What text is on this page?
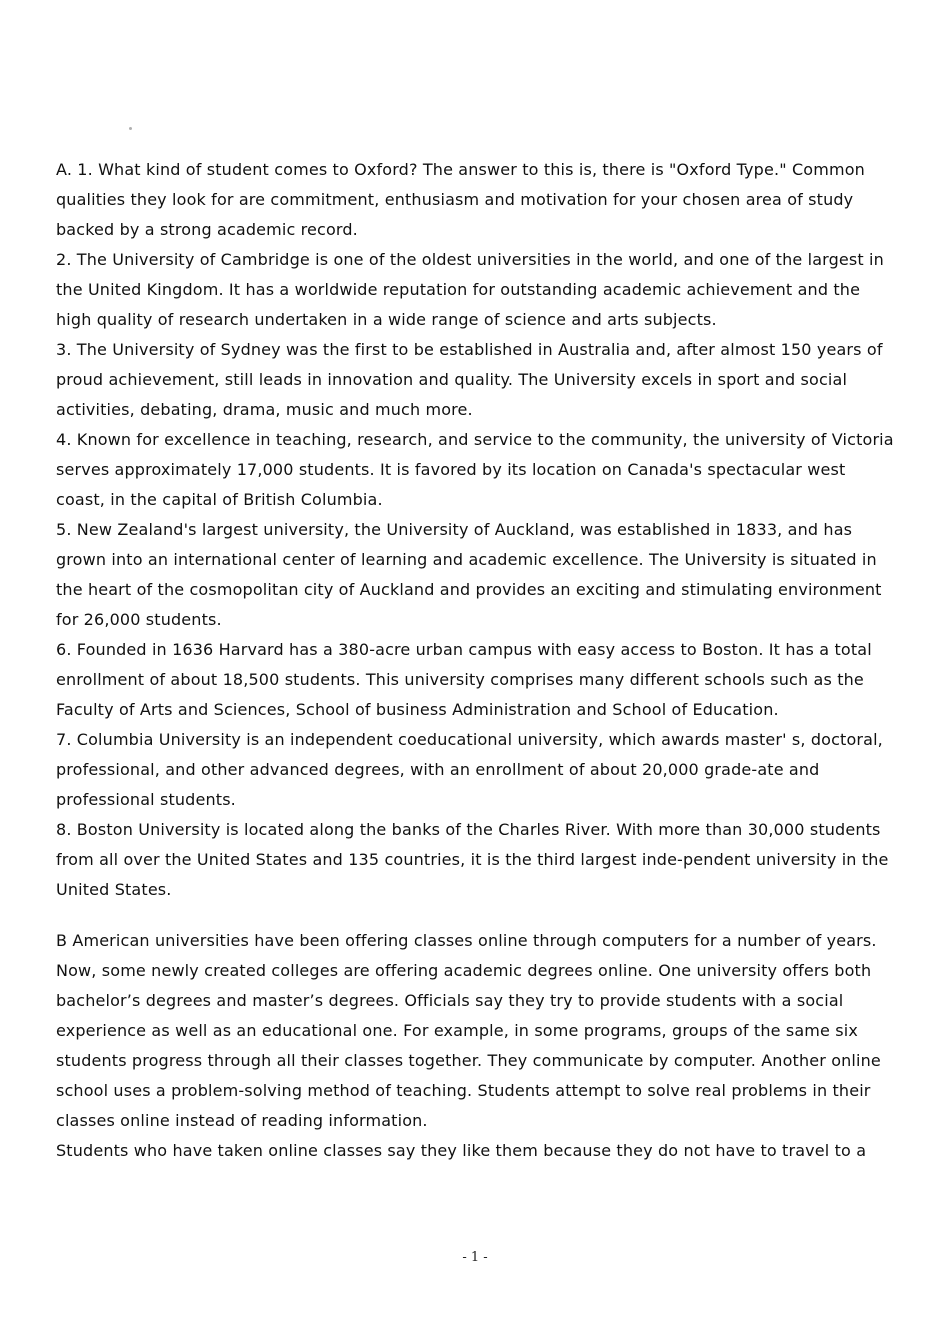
A. 1. What kind of student comes to Oxford? The answer to this is, there is "Oxford Type." Common qualities they look for are commitment, enthusiasm and motivation for your chosen area of study backed by a strong academic record.

2. The University of Cambridge is one of the oldest universities in the world, and one of the largest in the United Kingdom. It has a worldwide reputation for outstanding academic achievement and the high quality of research undertaken in a wide range of science and arts subjects.

3. The University of Sydney was the first to be established in Australia and, after almost 150 years of proud achievement, still leads in innovation and quality. The University excels in sport and social activities, debating, drama, music and much more.

4. Known for excellence in teaching, research, and service to the community, the university of Victoria serves approximately 17,000 students. It is favored by its location on Canada's spectacular west coast, in the capital of British Columbia.

5. New Zealand's largest university, the University of Auckland, was established in 1833, and has grown into an international center of learning and academic excellence. The University is situated in the heart of the cosmopolitan city of Auckland and provides an exciting and stimulating environment for 26,000 students.

6. Founded in 1636 Harvard has a 380-acre urban campus with easy access to Boston. It has a total enrollment of about 18,500 students. This university comprises many different schools such as the Faculty of Arts and Sciences, School of business Administration and School of Education.

7. Columbia University is an independent coeducational university, which awards master' s, doctoral, professional, and other advanced degrees, with an enrollment of about 20,000 grade-ate and professional students.

8. Boston University is located along the banks of the Charles River. With more than 30,000 students from all over the United States and 135 countries, it is the third largest inde-pendent university in the United States.

B American universities have been offering classes online through computers for a number of years. Now, some newly created colleges are offering academic degrees online. One university offers both bachelor’s degrees and master’s degrees. Officials say they try to provide students with a social experience as well as an educational one. For example, in some programs, groups of the same six students progress through all their classes together. They communicate by computer. Another online school uses a problem-solving method of teaching. Students attempt to solve real problems in their classes online instead of reading information.

Students who have taken online classes say they like them because they do not have to travel to a

- 1 -
